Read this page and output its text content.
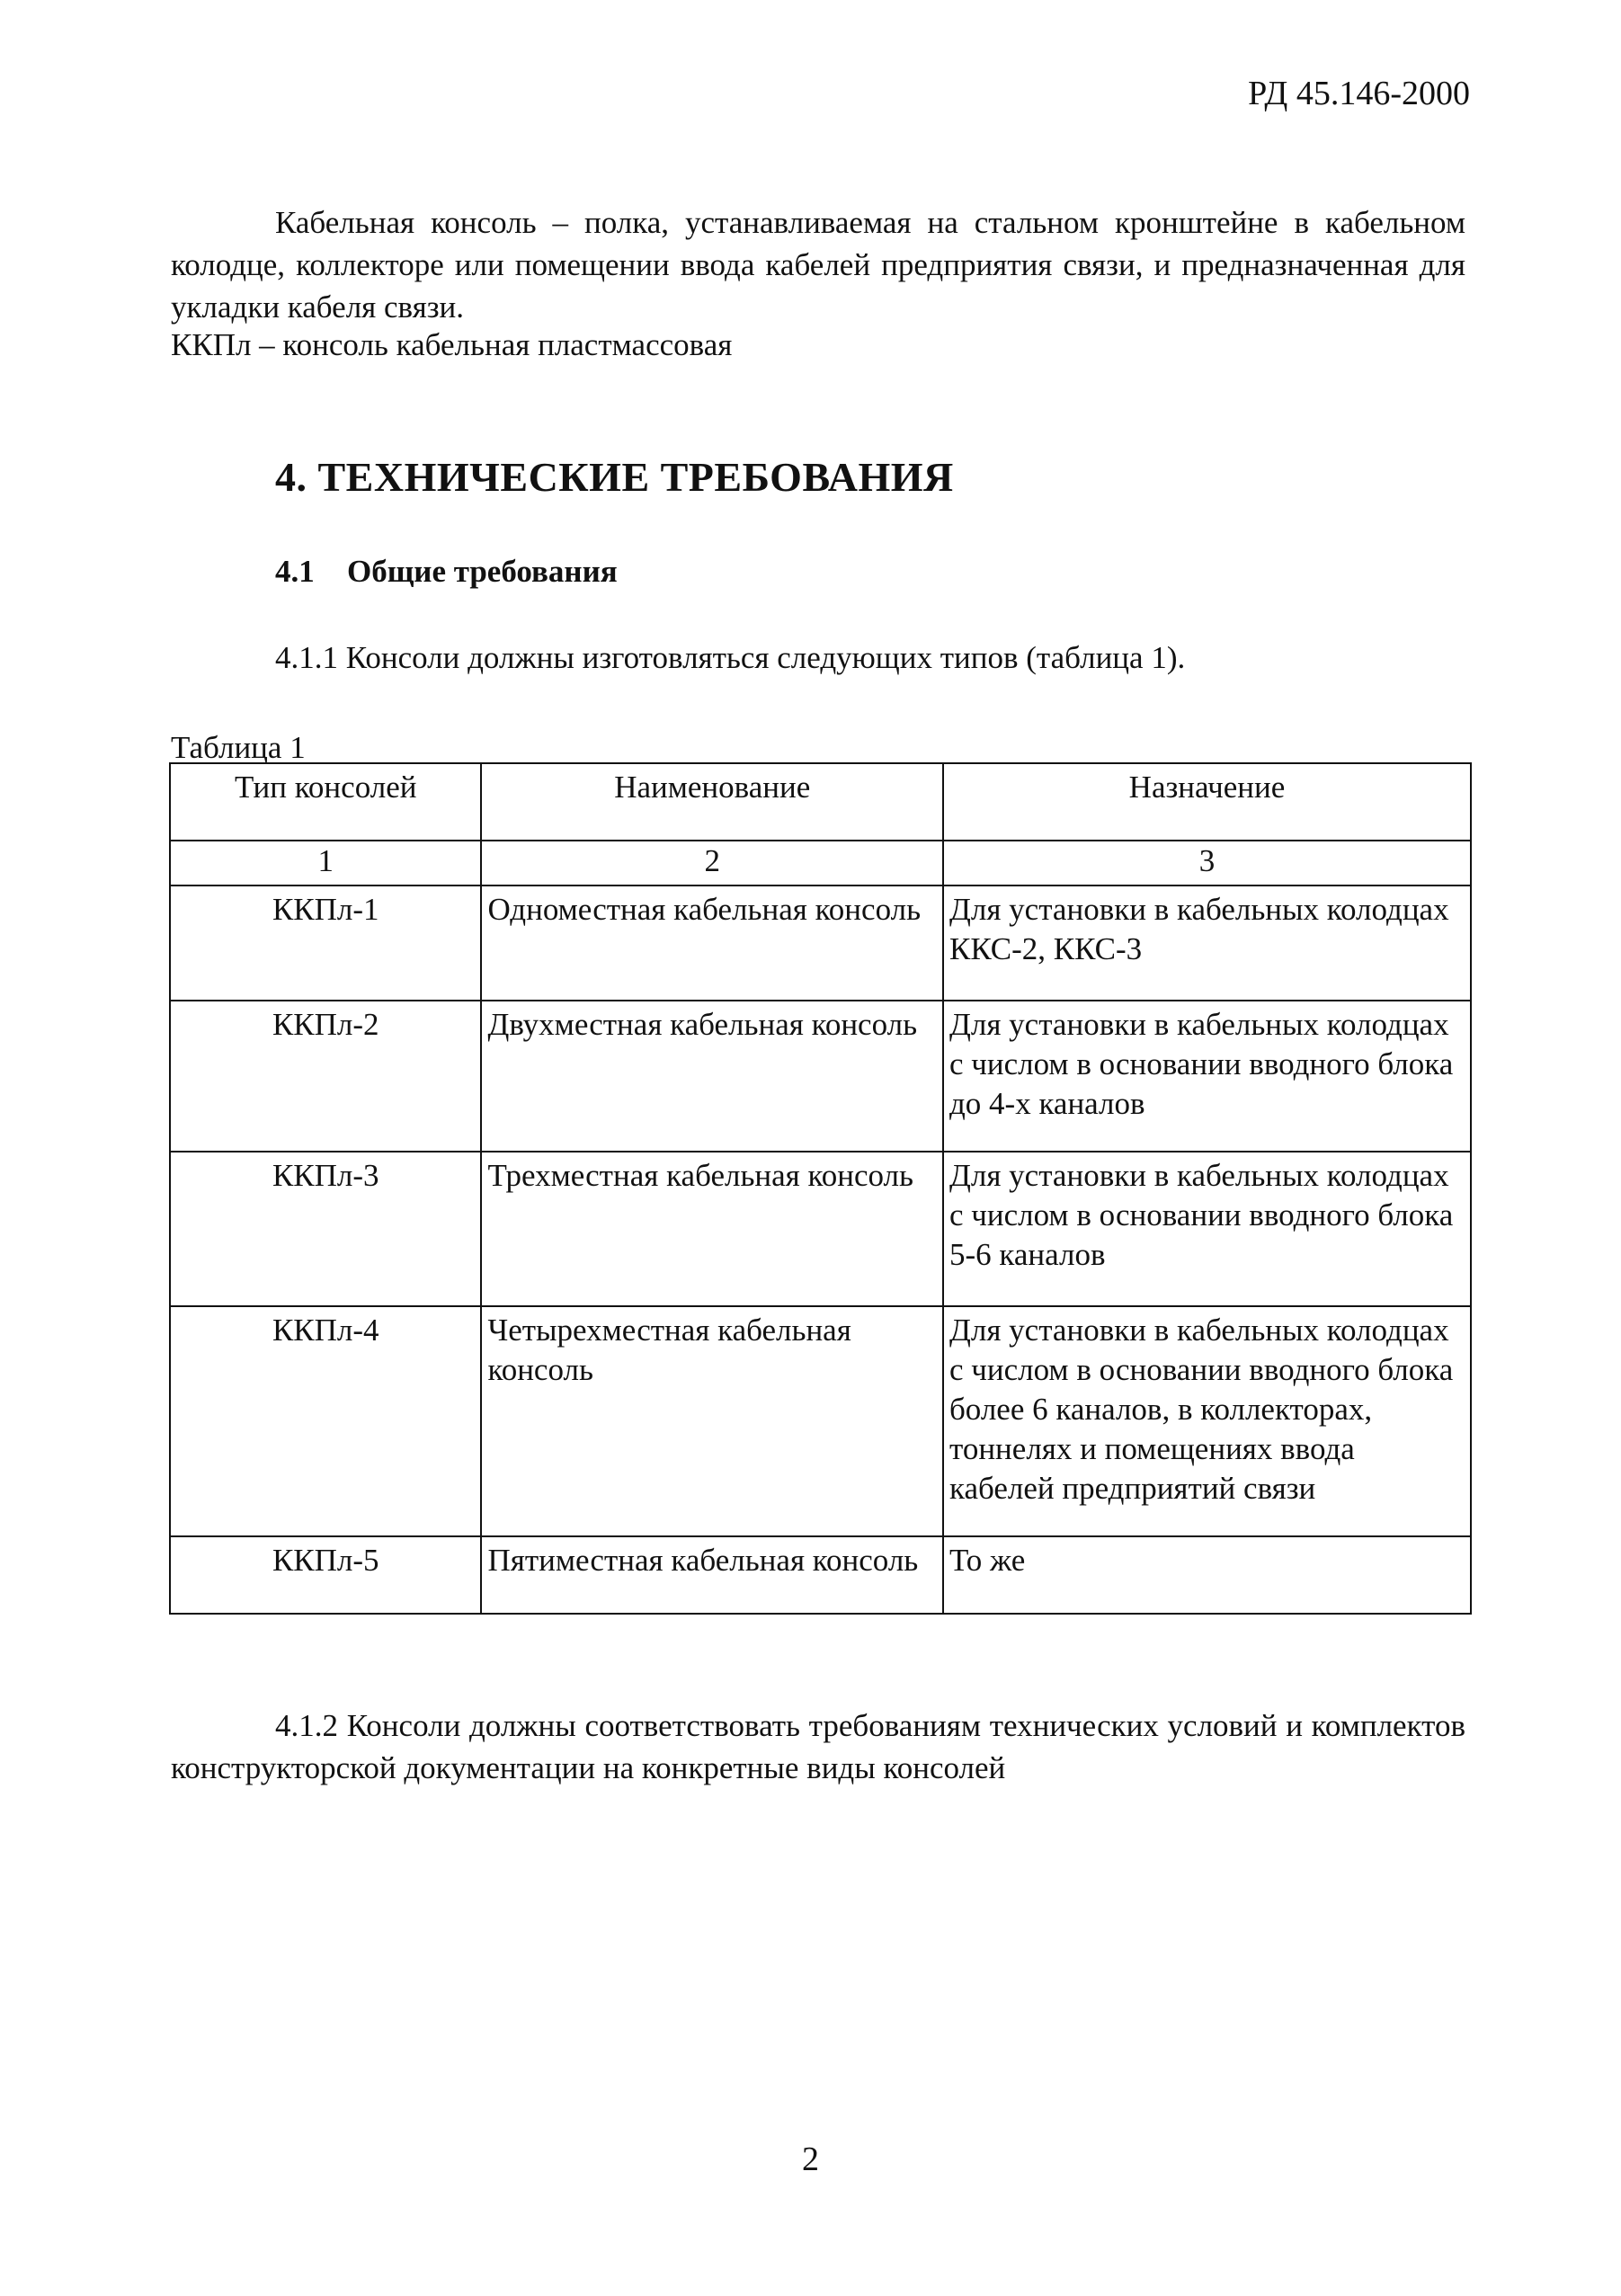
РД 45.146-2000
Кабельная консоль – полка, устанавливаемая на стальном кронштейне в кабельном колодце, коллекторе или помещении ввода кабелей предприятия связи, и предназначенная для укладки кабеля связи.
ККПл – консоль кабельная пластмассовая
4. ТЕХНИЧЕСКИЕ ТРЕБОВАНИЯ
4.1 Общие требования
4.1.1 Консоли должны изготовляться следующих типов (таблица 1).
Таблица 1
Тип консолей	Наименование	Назначение
1	2	3
ККПл-1	Одноместная кабельная консоль	Для установки в кабельных колодцах ККС-2, ККС-3
ККПл-2	Двухместная кабельная консоль	Для установки в кабельных колодцах с числом в основании вводного блока до 4-х каналов
ККПл-3	Трехместная кабельная консоль	Для установки в кабельных колодцах с числом в основании вводного блока 5-6 каналов
ККПл-4	Четырехместная кабельная консоль	Для установки в кабельных колодцах с числом в основании вводного блока более 6 каналов, в коллекторах, тоннелях и помещениях ввода кабелей предприятий связи
ККПл-5	Пятиместная кабельная консоль	То же
4.1.2 Консоли должны соответствовать требованиям технических условий и комплектов конструкторской документации на конкретные виды консолей
2
